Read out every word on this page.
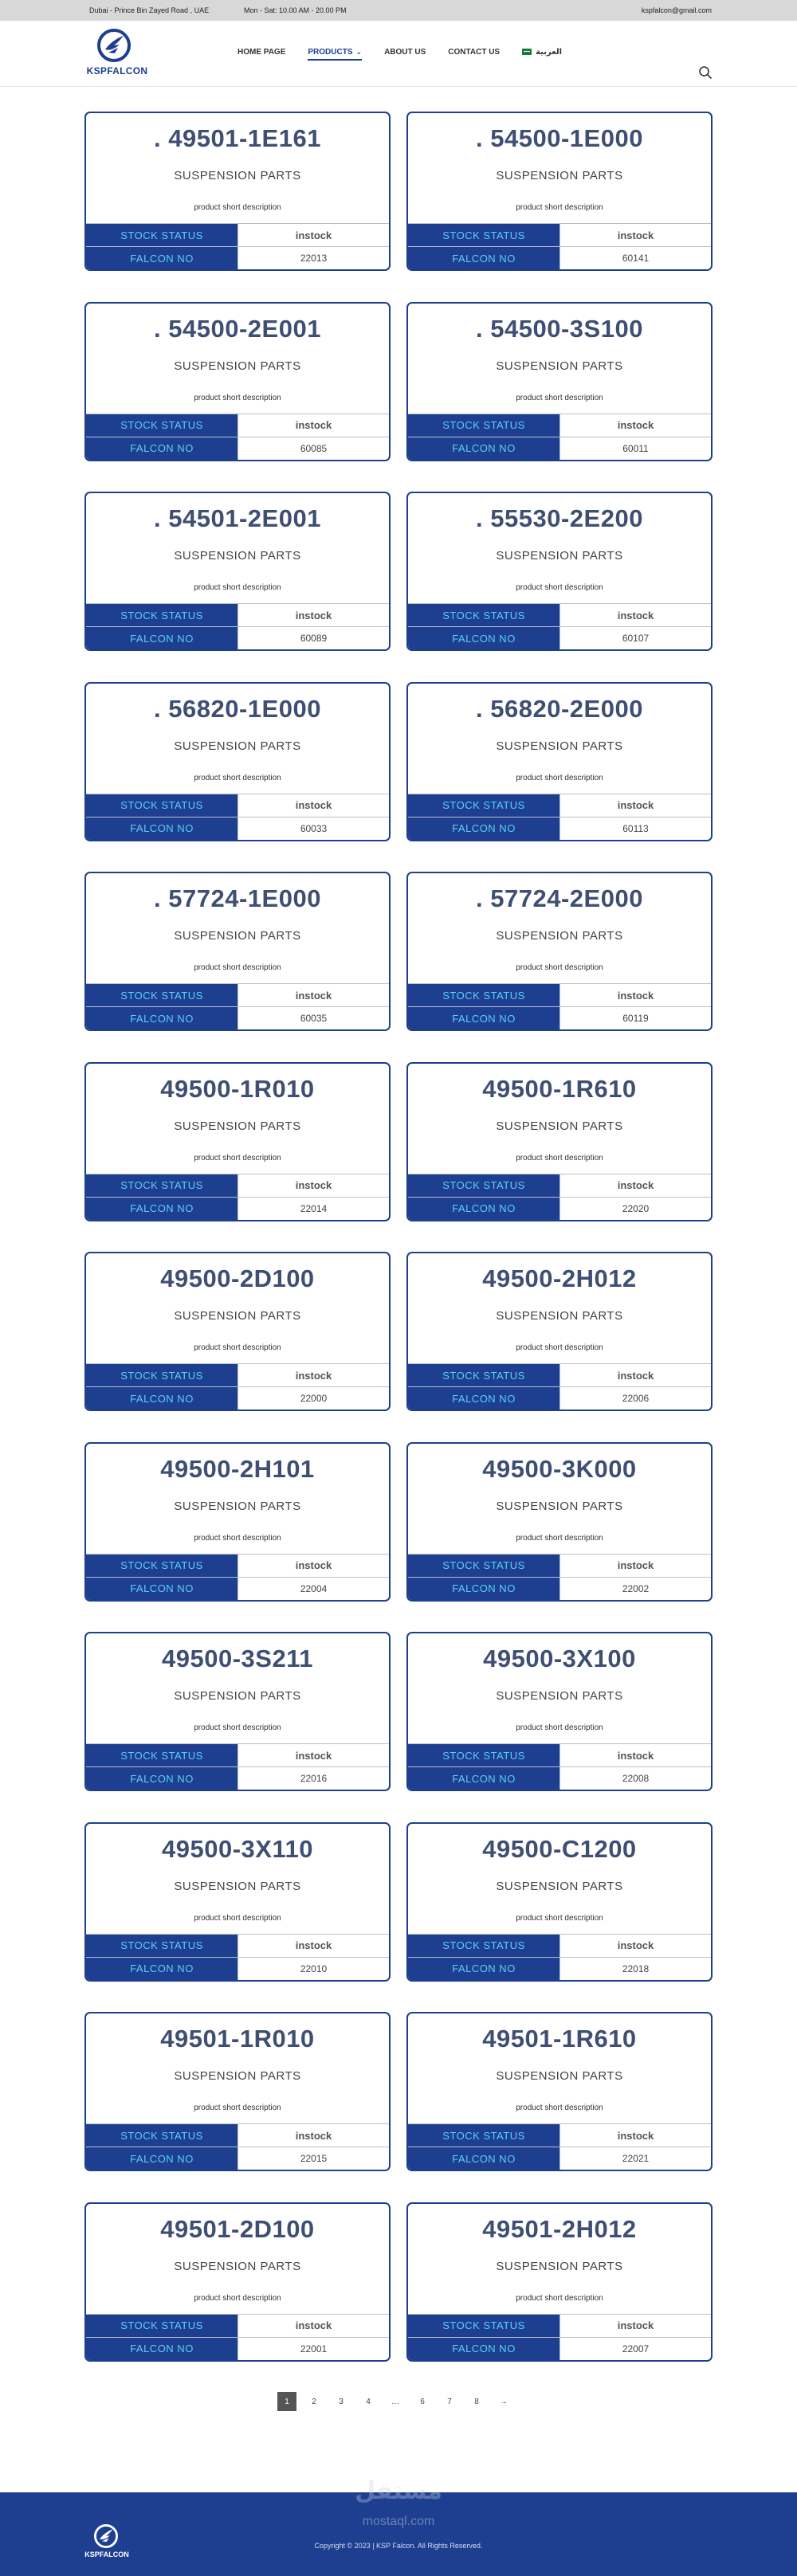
Dubai - Prince Bin Zayed Road , UAE	Mon - Sat: 10.00 AM - 20.00 PM	kspfalcon@gmail.com
KSPFALCON
HOME PAGE	PRODUCTS ⌄	ABOUT US	CONTACT US	العربية
. 49501-1E161
SUSPENSION PARTS
product short description
STOCK STATUS	instock
FALCON NO	22013
. 54500-1E000
SUSPENSION PARTS
product short description
STOCK STATUS	instock
FALCON NO	60141
. 54500-2E001
SUSPENSION PARTS
product short description
STOCK STATUS	instock
FALCON NO	60085
. 54500-3S100
SUSPENSION PARTS
product short description
STOCK STATUS	instock
FALCON NO	60011
. 54501-2E001
SUSPENSION PARTS
product short description
STOCK STATUS	instock
FALCON NO	60089
. 55530-2E200
SUSPENSION PARTS
product short description
STOCK STATUS	instock
FALCON NO	60107
. 56820-1E000
SUSPENSION PARTS
product short description
STOCK STATUS	instock
FALCON NO	60033
. 56820-2E000
SUSPENSION PARTS
product short description
STOCK STATUS	instock
FALCON NO	60113
. 57724-1E000
SUSPENSION PARTS
product short description
STOCK STATUS	instock
FALCON NO	60035
. 57724-2E000
SUSPENSION PARTS
product short description
STOCK STATUS	instock
FALCON NO	60119
49500-1R010
SUSPENSION PARTS
product short description
STOCK STATUS	instock
FALCON NO	22014
49500-1R610
SUSPENSION PARTS
product short description
STOCK STATUS	instock
FALCON NO	22020
49500-2D100
SUSPENSION PARTS
product short description
STOCK STATUS	instock
FALCON NO	22000
49500-2H012
SUSPENSION PARTS
product short description
STOCK STATUS	instock
FALCON NO	22006
49500-2H101
SUSPENSION PARTS
product short description
STOCK STATUS	instock
FALCON NO	22004
49500-3K000
SUSPENSION PARTS
product short description
STOCK STATUS	instock
FALCON NO	22002
49500-3S211
SUSPENSION PARTS
product short description
STOCK STATUS	instock
FALCON NO	22016
49500-3X100
SUSPENSION PARTS
product short description
STOCK STATUS	instock
FALCON NO	22008
49500-3X110
SUSPENSION PARTS
product short description
STOCK STATUS	instock
FALCON NO	22010
49500-C1200
SUSPENSION PARTS
product short description
STOCK STATUS	instock
FALCON NO	22018
49501-1R010
SUSPENSION PARTS
product short description
STOCK STATUS	instock
FALCON NO	22015
49501-1R610
SUSPENSION PARTS
product short description
STOCK STATUS	instock
FALCON NO	22021
49501-2D100
SUSPENSION PARTS
product short description
STOCK STATUS	instock
FALCON NO	22001
49501-2H012
SUSPENSION PARTS
product short description
STOCK STATUS	instock
FALCON NO	22007
1	2	3	4	…	6	7	8	→
مستقل
mostaql.com
KSPFALCON
Copyright © 2023 | KSP Falcon. All Rights Reserved.
